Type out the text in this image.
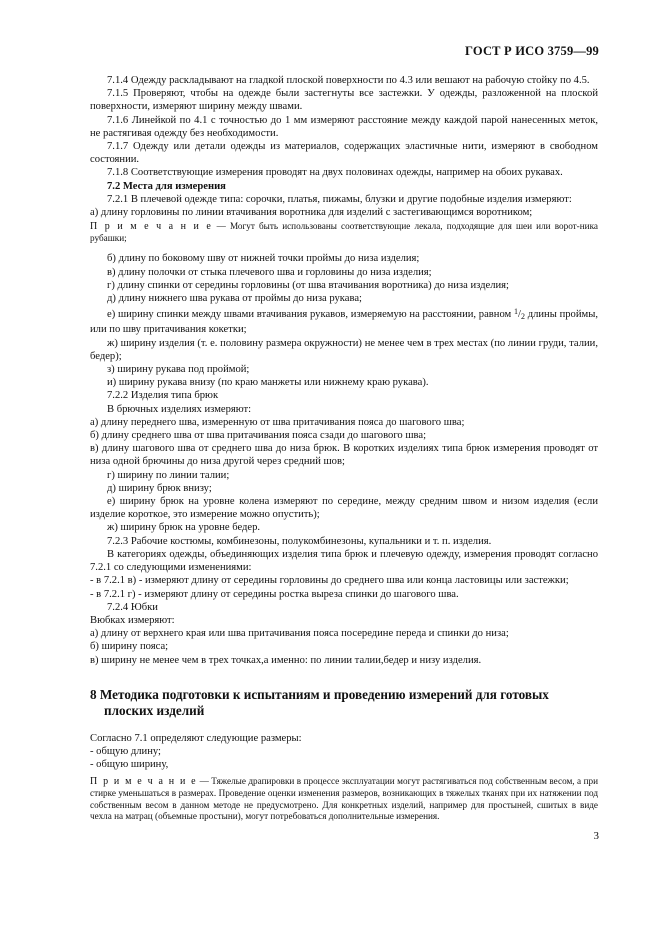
ГОСТ Р ИСО 3759—99

7.1.4 Одежду раскладывают на гладкой плоской поверхности по 4.3 или вешают на рабочую стойку по 4.5.

7.1.5 Проверяют, чтобы на одежде были застегнуты все застежки. У одежды, разложенной на плоской поверхности, измеряют ширину между швами.

7.1.6 Линейкой по 4.1 с точностью до 1 мм измеряют расстояние между каждой парой нанесенных меток, не растягивая одежду без необходимости.

7.1.7 Одежду или детали одежды из материалов, содержащих эластичные нити, измеряют в свободном состоянии.

7.1.8 Соответствующие измерения проводят на двух половинах одежды, например на обоих рукавах.

7.2 Места для измерения

7.2.1 В плечевой одежде типа: сорочки, платья, пижамы, блузки и другие подобные изделия измеряют:

а) длину горловины по линии втачивания воротника для изделий с застегивающимся воротником;

П р и м е ч а н и е — Могут быть использованы соответствующие лекала, подходящие для шеи или ворот-ника рубашки;

б) длину по боковому шву от нижней точки проймы до низа изделия;

в) длину полочки от стыка плечевого шва и горловины до низа изделия;

г) длину спинки от середины горловины (от шва втачивания воротника) до низа изделия;

д) длину нижнего шва рукава от проймы до низа рукава;

е) ширину спинки между швами втачивания рукавов, измеряемую на расстоянии, равном $^1$/2 длины проймы, или по шву притачивания кокетки;

ж) ширину изделия (т. е. половину размера окружности) не менее чем в трех местах (по линии груди, талии, бедер);

з) ширину рукава под проймой;

и) ширину рукава внизу (по краю манжеты или нижнему краю рукава).

7.2.2 Изделия типа брюк

В брючных изделиях измеряют:

а) длину переднего шва, измеренную от шва притачивания пояса до шагового шва;

б) длину среднего шва от шва притачивания пояса сзади до шагового шва;

в) длину шагового шва от среднего шва до низа брюк. В коротких изделиях типа брюк измерения проводят от низа одной брючины до низа другой через средний шов;

г) ширину по линии талии;

д) ширину брюк внизу;

е) ширину брюк на уровне колена измеряют по середине, между средним швом и низом изделия (если изделие короткое, это измерение можно опустить);

ж) ширину брюк на уровне бедер.

7.2.3 Рабочие костюмы, комбинезоны, полукомбинезоны, купальники и т. п. изделия.

В категориях одежды, объединяющих изделия типа брюк и плечевую одежду, измерения проводят согласно 7.2.1 со следующими изменениями:

- в 7.2.1 в) - измеряют длину от середины горловины до среднего шва или конца ластовицы или застежки;

- в 7.2.1 г) - измеряют длину от середины ростка выреза спинки до шагового шва.

7.2.4 Юбки

Вюбках измеряют:

а) длину от верхнего края или шва притачивания пояса посередине переда и спинки до низа;

б) ширину пояса;

в) ширину не менее чем в трех точках,а именно: по линии талии,бедер и низу изделия.

8 Методика подготовки к испытаниям и проведению измерений для готовых
плоских изделий

Согласно 7.1 определяют следующие размеры:

- общую длину;

- общую ширину,

П р и м е ч а н и е — Тяжелые драпировки в процессе эксплуатации могут растягиваться под собственным весом, а при стирке уменьшаться в размерах. Проведение оценки изменения размеров, возникающих в тяжелых тканях при их натяжении под собственным весом в данном методе не предусмотрено. Для конкретных изделий, например для простыней, сшитых в виде чехла на матрац (объемные простыни), могут потребоваться дополнительные измерения.

3
